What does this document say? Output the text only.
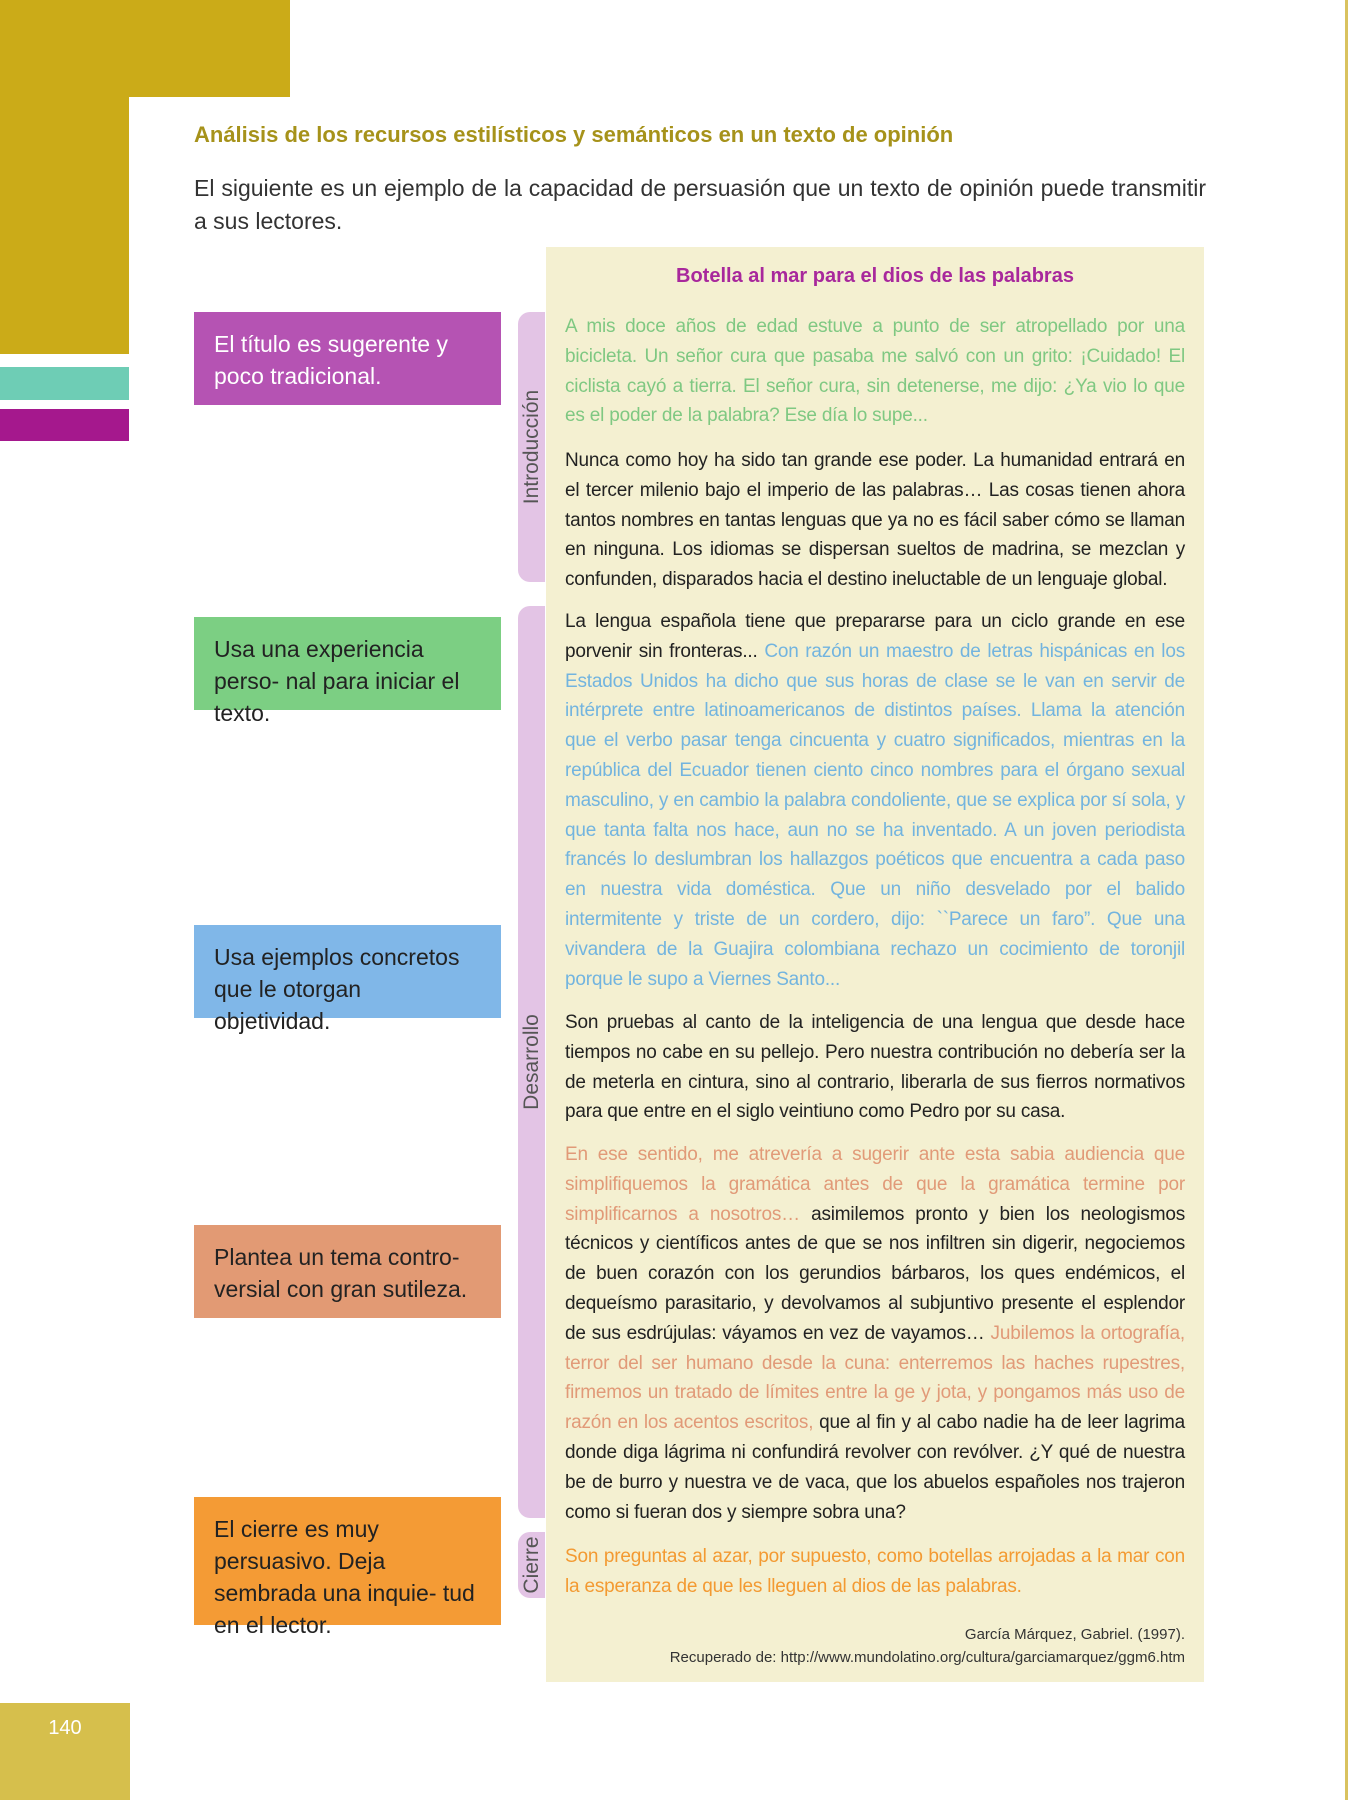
140
Análisis de los recursos estilísticos y semánticos en un texto de opinión
El siguiente es un ejemplo de la capacidad de persuasión que un texto de opinión puede transmitir a sus lectores.
El título es sugerente y poco tradicional.
Usa una experiencia perso- nal para iniciar el texto.
Usa ejemplos concretos que le otorgan objetividad.
Plantea un tema contro- versial con gran sutileza.
El cierre es muy persuasivo. Deja sembrada una inquie- tud en el lector.
Introducción
Desarrollo
Cierre
Botella al mar para el dios de las palabras
A mis doce años de edad estuve a punto de ser atropellado por una bicicleta. Un señor cura que pasaba me salvó con un grito: ¡Cuidado! El ciclista cayó a tierra. El señor cura, sin detenerse, me dijo: ¿Ya vio lo que es el poder de la palabra? Ese día lo supe...
Nunca como hoy ha sido tan grande ese poder. La humanidad entrará en el tercer milenio bajo el imperio de las palabras… Las cosas tienen ahora tantos nombres en tantas lenguas que ya no es fácil saber cómo se llaman en ninguna. Los idiomas se dispersan sueltos de madrina, se mezclan y confunden, disparados hacia el destino ineluctable de un lenguaje global.
La lengua española tiene que prepararse para un ciclo grande en ese porvenir sin fronteras... Con razón un maestro de letras hispánicas en los Estados Unidos ha dicho que sus horas de clase se le van en servir de intérprete entre latinoamericanos de distintos países. Llama la atención que el verbo pasar tenga cincuenta y cuatro significados, mientras en la república del Ecuador tienen ciento cinco nombres para el órgano sexual masculino, y en cambio la palabra condoliente, que se explica por sí sola, y que tanta falta nos hace, aun no se ha inventado. A un joven periodista francés lo deslumbran los hallazgos poéticos que encuentra a cada paso en nuestra vida doméstica. Que un niño desvelado por el balido intermitente y triste de un cordero, dijo: ``Parece un faro”. Que una vivandera de la Guajira colombiana rechazo un cocimiento de toronjil porque le supo a Viernes Santo...
Son pruebas al canto de la inteligencia de una lengua que desde hace tiempos no cabe en su pellejo. Pero nuestra contribución no debería ser la de meterla en cintura, sino al contrario, liberarla de sus fierros normativos para que entre en el siglo veintiuno como Pedro por su casa.
En ese sentido, me atrevería a sugerir ante esta sabia audiencia que simplifiquemos la gramática antes de que la gramática termine por simplificarnos a nosotros… asimilemos pronto y bien los neologismos técnicos y científicos antes de que se nos infiltren sin digerir, negociemos de buen corazón con los gerundios bárbaros, los ques endémicos, el dequeísmo parasitario, y devolvamos al subjuntivo presente el esplendor de sus esdrújulas: váyamos en vez de vayamos… Jubilemos la ortografía, terror del ser humano desde la cuna: enterremos las haches rupestres, firmemos un tratado de límites entre la ge y jota, y pongamos más uso de razón en los acentos escritos, que al fin y al cabo nadie ha de leer lagrima donde diga lágrima ni confundirá revolver con revólver. ¿Y qué de nuestra be de burro y nuestra ve de vaca, que los abuelos españoles nos trajeron como si fueran dos y siempre sobra una?
Son preguntas al azar, por supuesto, como botellas arrojadas a la mar con la esperanza de que les lleguen al dios de las palabras.
García Márquez, Gabriel. (1997).
Recuperado de: http://www.mundolatino.org/cultura/garciamarquez/ggm6.htm
